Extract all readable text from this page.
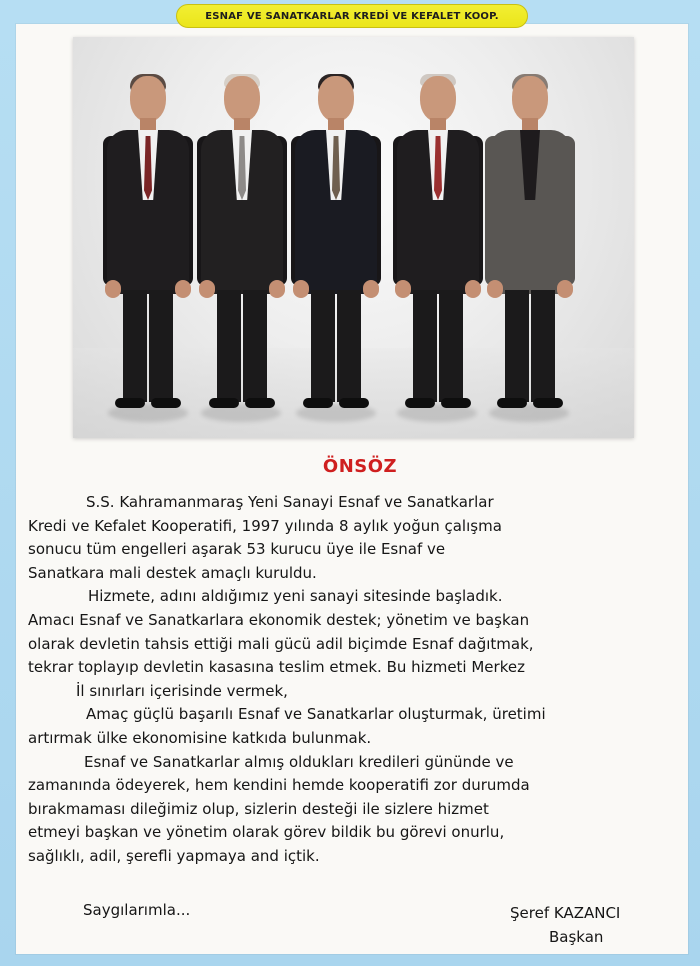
ESNAF VE SANATKARLAR KREDİ VE KEFALET KOOP.
ÖNSÖZ
S.S. Kahramanmaraş Yeni Sanayi Esnaf ve Sanatkarlar
Kredi ve Kefalet Kooperatifi, 1997 yılında 8 aylık yoğun çalışma
sonucu tüm engelleri aşarak 53 kurucu üye ile Esnaf ve
Sanatkara mali destek amaçlı kuruldu.
Hizmete, adını aldığımız yeni sanayi sitesinde başladık.
Amacı Esnaf ve Sanatkarlara ekonomik destek; yönetim ve başkan
olarak devletin tahsis ettiği mali gücü adil biçimde Esnaf dağıtmak,
tekrar toplayıp devletin kasasına teslim etmek. Bu hizmeti Merkez
İl sınırları içerisinde vermek,
Amaç güçlü başarılı Esnaf ve Sanatkarlar oluşturmak, üretimi
artırmak ülke ekonomisine katkıda bulunmak.
Esnaf ve Sanatkarlar almış oldukları kredileri gününde ve
zamanında ödeyerek, hem kendini hemde kooperatifi zor durumda
bırakmaması dileğimiz olup, sizlerin desteği ile sizlere hizmet
etmeyi başkan ve yönetim olarak görev bildik bu görevi onurlu,
sağlıklı, adil, şerefli yapmaya and içtik.
Saygılarımla...	Şeref KAZANCI
Başkan
